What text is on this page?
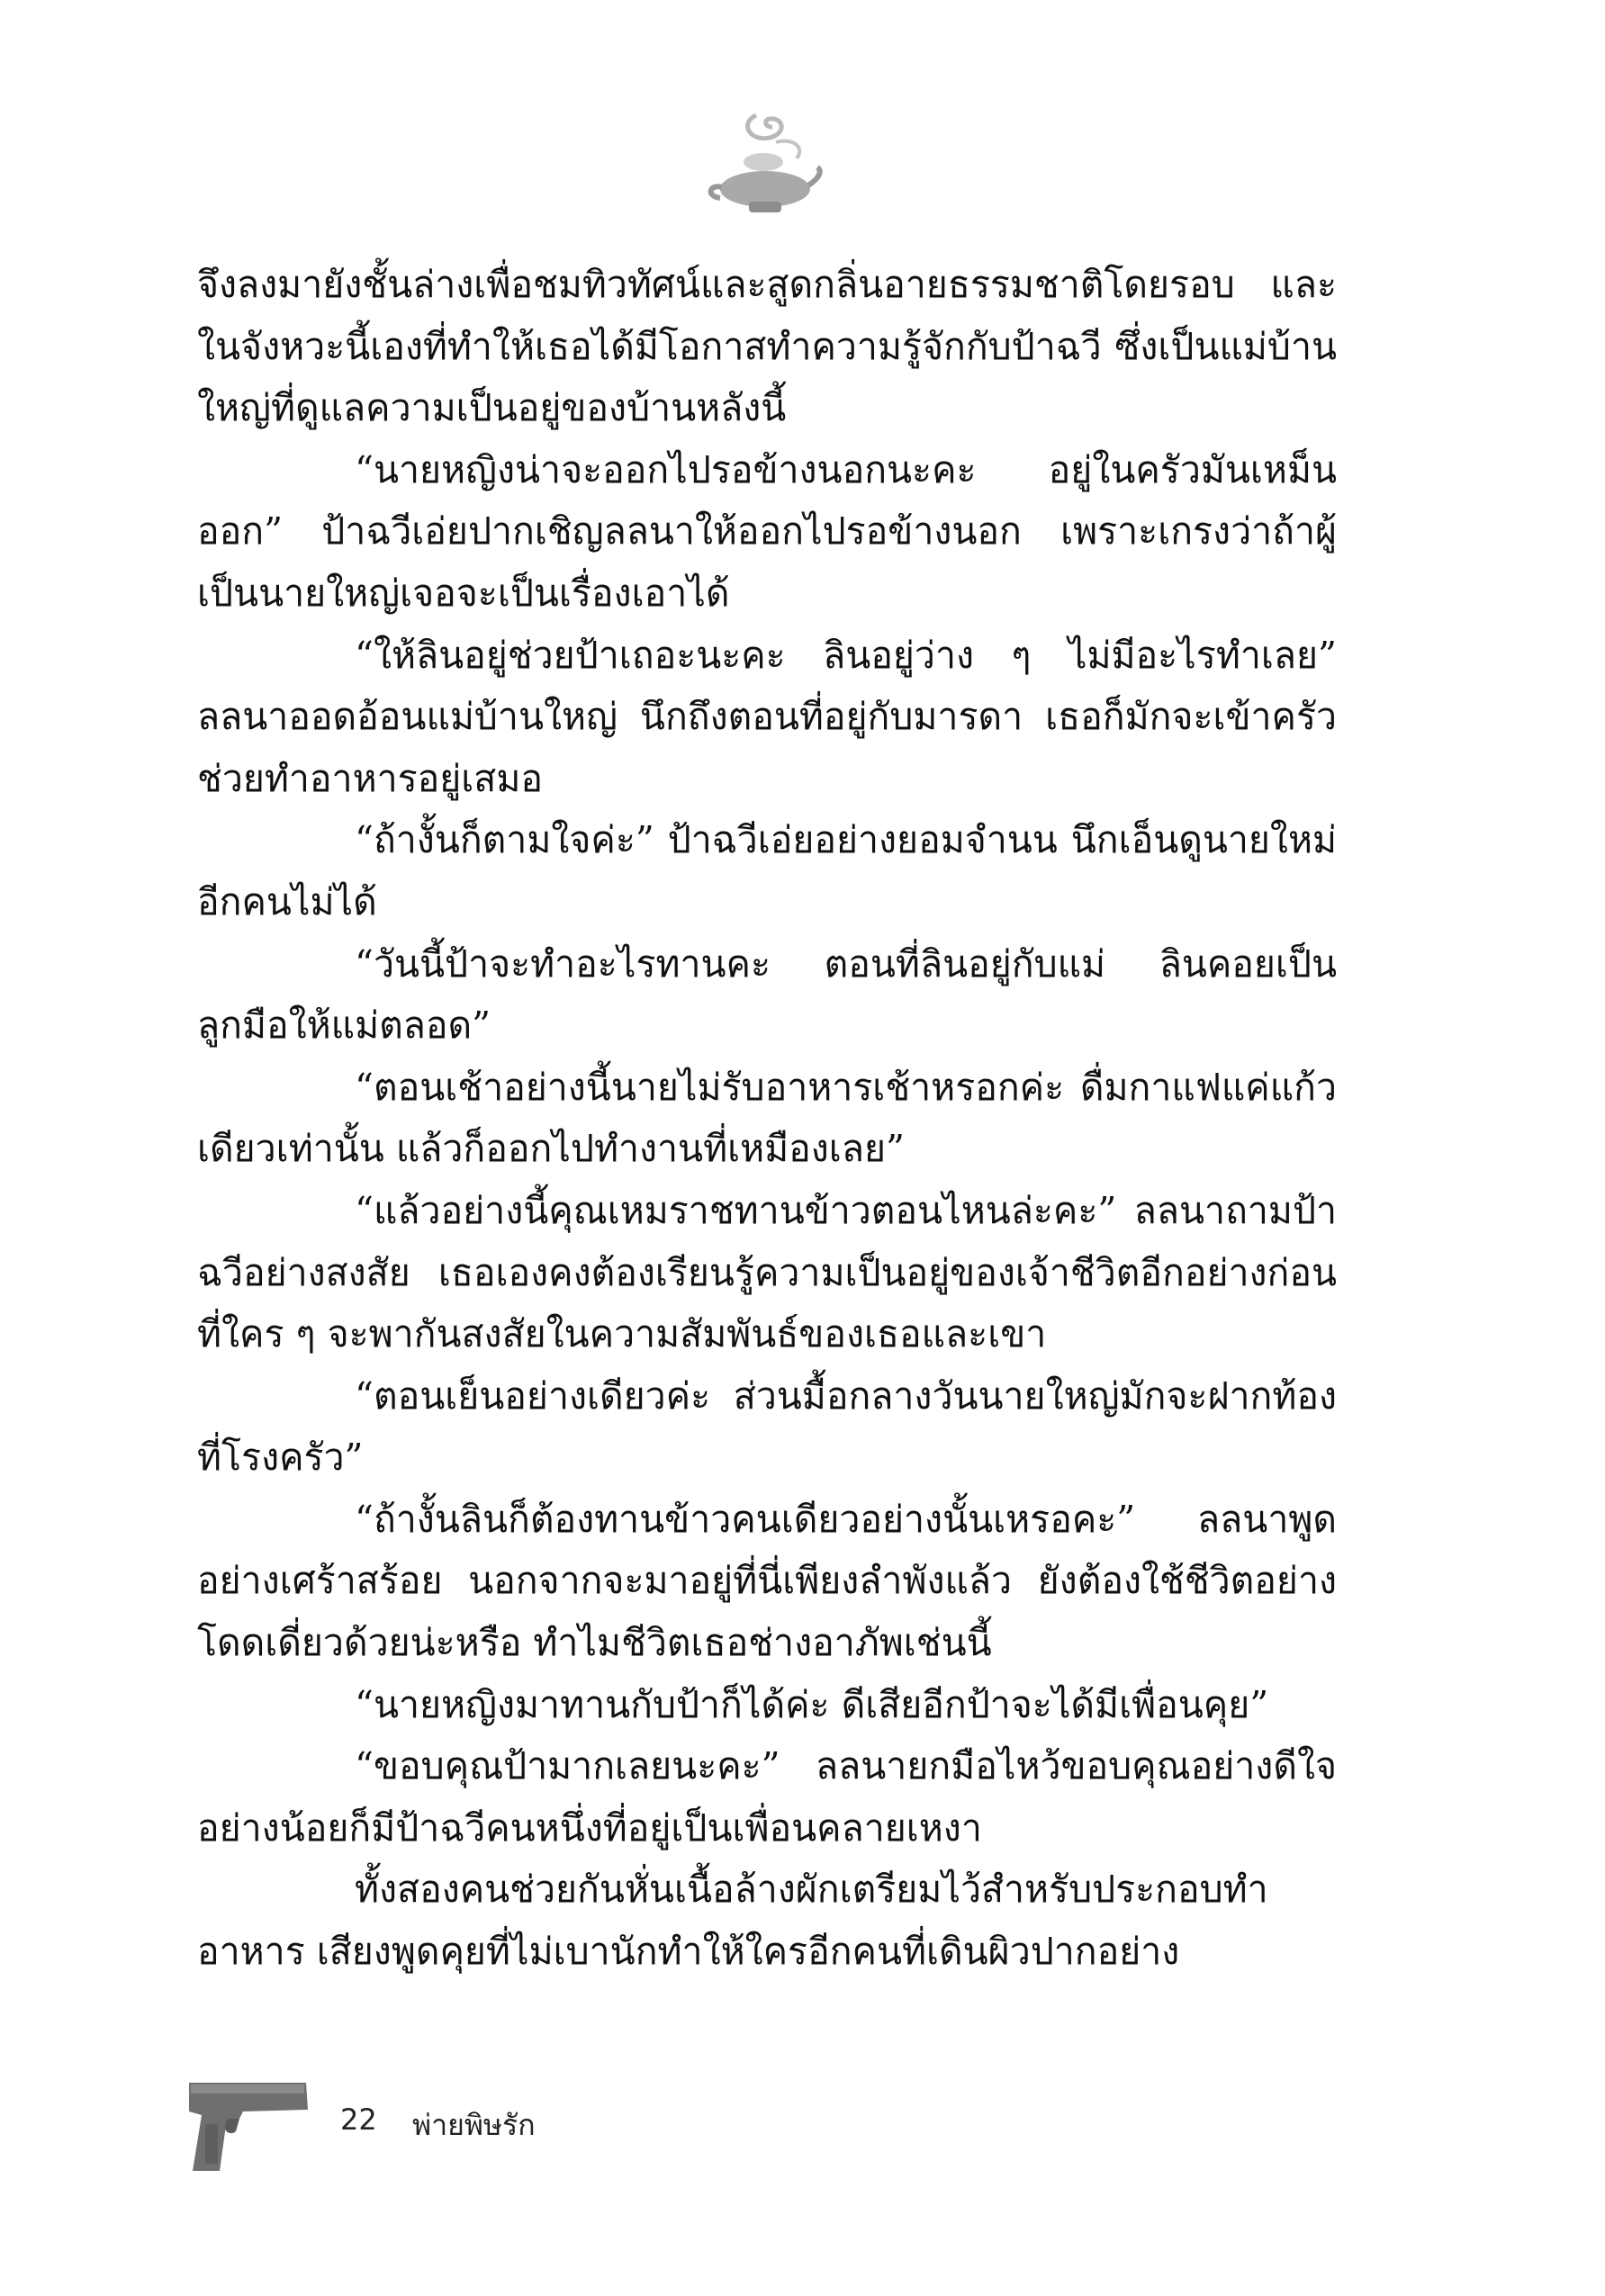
จึงลงมายังชั้นล่างเพื่อชมทิวทัศน์และสูดกลิ่นอายธรรมชาติโดยรอบ และในจังหวะนี้เองที่ทำให้เธอได้มีโอกาสทำความรู้จักกับป้าฉวี ซึ่งเป็นแม่บ้านใหญ่ที่ดูแลความเป็นอยู่ของบ้านหลังนี้

“นายหญิงน่าจะออกไปรอข้างนอกนะคะ อยู่ในครัวมันเหม็นออก” ป้าฉวีเอ่ยปากเชิญลลนาให้ออกไปรอข้างนอก เพราะเกรงว่าถ้าผู้เป็นนายใหญ่เจอจะเป็นเรื่องเอาได้

“ให้ลินอยู่ช่วยป้าเถอะนะคะ ลินอยู่ว่าง ๆ ไม่มีอะไรทำเลย” ลลนาออดอ้อนแม่บ้านใหญ่ นึกถึงตอนที่อยู่กับมารดา เธอก็มักจะเข้าครัวช่วยทำอาหารอยู่เสมอ

“ถ้างั้นก็ตามใจค่ะ” ป้าฉวีเอ่ยอย่างยอมจำนน นึกเอ็นดูนายใหม่อีกคนไม่ได้

“วันนี้ป้าจะทำอะไรทานคะ ตอนที่ลินอยู่กับแม่ ลินคอยเป็นลูกมือให้แม่ตลอด”

“ตอนเช้าอย่างนี้นายไม่รับอาหารเช้าหรอกค่ะ ดื่มกาแฟแค่แก้วเดียวเท่านั้น แล้วก็ออกไปทำงานที่เหมืองเลย”

“แล้วอย่างนี้คุณเหมราชทานข้าวตอนไหนล่ะคะ” ลลนาถามป้าฉวีอย่างสงสัย เธอเองคงต้องเรียนรู้ความเป็นอยู่ของเจ้าชีวิตอีกอย่างก่อนที่ใคร ๆ จะพากันสงสัยในความสัมพันธ์ของเธอและเขา

“ตอนเย็นอย่างเดียวค่ะ ส่วนมื้อกลางวันนายใหญ่มักจะฝากท้องที่โรงครัว”

“ถ้างั้นลินก็ต้องทานข้าวคนเดียวอย่างนั้นเหรอคะ” ลลนาพูดอย่างเศร้าสร้อย นอกจากจะมาอยู่ที่นี่เพียงลำพังแล้ว ยังต้องใช้ชีวิตอย่างโดดเดี่ยวด้วยน่ะหรือ ทำไมชีวิตเธอช่างอาภัพเช่นนี้

“นายหญิงมาทานกับป้าก็ได้ค่ะ ดีเสียอีกป้าจะได้มีเพื่อนคุย”

“ขอบคุณป้ามากเลยนะคะ” ลลนายกมือไหว้ขอบคุณอย่างดีใจอย่างน้อยก็มีป้าฉวีคนหนึ่งที่อยู่เป็นเพื่อนคลายเหงา

ทั้งสองคนช่วยกันหั่นเนื้อล้างผักเตรียมไว้สำหรับประกอบทำอาหาร เสียงพูดคุยที่ไม่เบานักทำให้ใครอีกคนที่เดินผิวปากอย่าง

22 พ่ายพิษรัก
